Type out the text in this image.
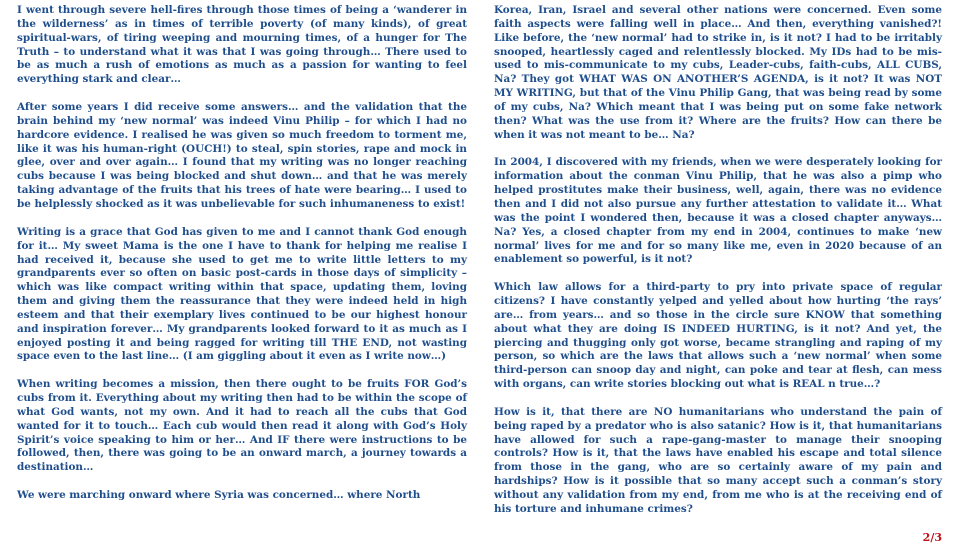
I went through severe hell-fires through those times of being a ‘wanderer in the wilderness’ as in times of terrible poverty (of many kinds), of great spiritual-wars, of tiring weeping and mourning times, of a hunger for The Truth – to understand what it was that I was going through… There used to be as much a rush of emotions as much as a passion for wanting to feel everything stark and clear…

After some years I did receive some answers… and the validation that the brain behind my ‘new normal’ was indeed Vinu Philip – for which I had no hardcore evidence. I realised he was given so much freedom to torment me, like it was his human-right (OUCH!) to steal, spin stories, rape and mock in glee, over and over again… I found that my writing was no longer reaching cubs because I was being blocked and shut down… and that he was merely taking advantage of the fruits that his trees of hate were bearing… I used to be helplessly shocked as it was unbelievable for such inhumaneness to exist!

Writing is a grace that God has given to me and I cannot thank God enough for it… My sweet Mama is the one I have to thank for helping me realise I had received it, because she used to get me to write little letters to my grandparents ever so often on basic post-cards in those days of simplicity – which was like compact writing within that space, updating them, loving them and giving them the reassurance that they were indeed held in high esteem and that their exemplary lives continued to be our highest honour and inspiration forever… My grandparents looked forward to it as much as I enjoyed posting it and being ragged for writing till THE END, not wasting space even to the last line… (I am giggling about it even as I write now…)

When writing becomes a mission, then there ought to be fruits FOR God’s cubs from it. Everything about my writing then had to be within the scope of what God wants, not my own. And it had to reach all the cubs that God wanted for it to touch… Each cub would then read it along with God’s Holy Spirit’s voice speaking to him or her… And IF there were instructions to be followed, then, there was going to be an onward march, a journey towards a destination…

We were marching onward where Syria was concerned… where North

Korea, Iran, Israel and several other nations were concerned. Even some faith aspects were falling well in place… And then, everything vanished?! Like before, the ‘new normal’ had to strike in, is it not? I had to be irritably snooped, heartlessly caged and relentlessly blocked. My IDs had to be mis-used to mis-communicate to my cubs, Leader-cubs, faith-cubs, ALL CUBS, Na? They got WHAT WAS ON ANOTHER’S AGENDA, is it not? It was NOT MY WRITING, but that of the Vinu Philip Gang, that was being read by some of my cubs, Na? Which meant that I was being put on some fake network then? What was the use from it? Where are the fruits? How can there be when it was not meant to be… Na?

In 2004, I discovered with my friends, when we were desperately looking for information about the conman Vinu Philip, that he was also a pimp who helped prostitutes make their business, well, again, there was no evidence then and I did not also pursue any further attestation to validate it… What was the point I wondered then, because it was a closed chapter anyways…Na? Yes, a closed chapter from my end in 2004, continues to make ‘new normal’ lives for me and for so many like me, even in 2020 because of an enablement so powerful, is it not?

Which law allows for a third-party to pry into private space of regular citizens? I have constantly yelped and yelled about how hurting ‘the rays’ are… from years… and so those in the circle sure KNOW that something about what they are doing IS INDEED HURTING, is it not? And yet, the piercing and thugging only got worse, became strangling and raping of my person, so which are the laws that allows such a ‘new normal’ when some third-person can snoop day and night, can poke and tear at flesh, can mess with organs, can write stories blocking out what is REAL n true…?

How is it, that there are NO humanitarians who understand the pain of being raped by a predator who is also satanic? How is it, that humanitarians have allowed for such a rape-gang-master to manage their snooping controls? How is it, that the laws have enabled his escape and total silence from those in the gang, who are so certainly aware of my pain and hardships? How is it possible that so many accept such a conman’s story without any validation from my end, from me who is at the receiving end of his torture and inhumane crimes?

2/3
